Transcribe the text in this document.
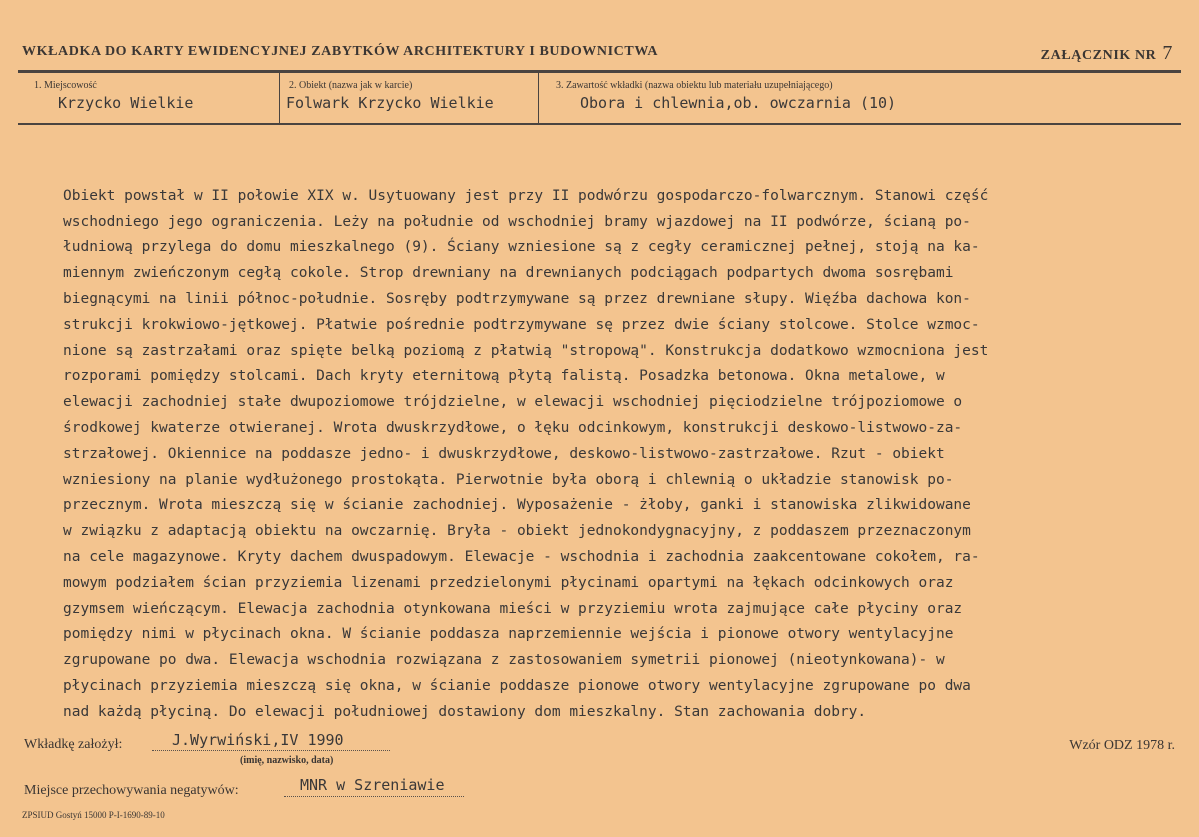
WKŁADKA DO KARTY EWIDENCYJNEJ ZABYTKÓW ARCHITEKTURY I BUDOWNICTWA	ZAŁĄCZNIK NR 7
1. Miejscowość
Krzycko Wielkie
2. Obiekt (nazwa jak w karcie)
Folwark Krzycko Wielkie
3. Zawartość wkładki (nazwa obiektu lub materiału uzupełniającego)
Obora i chlewnia,ob. owczarnia (10)

Obiekt powstał w II połowie XIX w. Usytuowany jest przy II podwórzu gospodarczo-folwarcznym. Stanowi część
wschodniego jego ograniczenia. Leży na południe od wschodniej bramy wjazdowej na II podwórze, ścianą po-
łudniową przylega do domu mieszkalnego (9). Ściany wzniesione są z cegły ceramicznej pełnej, stoją na ka-
miennym zwieńczonym cegłą cokole. Strop drewniany na drewnianych podciągach podpartych dwoma sosrębami
biegnącymi na linii północ-południe. Sosręby podtrzymywane są przez drewniane słupy. Więźba dachowa kon-
strukcji krokwiowo-jętkowej. Płatwie pośrednie podtrzymywane sę przez dwie ściany stolcowe. Stolce wzmoc-
nione są zastrzałami oraz spięte belką poziomą z płatwią "stropową". Konstrukcja dodatkowo wzmocniona jest
rozporami pomiędzy stolcami. Dach kryty eternitową płytą falistą. Posadzka betonowa. Okna metalowe, w
elewacji zachodniej stałe dwupoziomowe trójdzielne, w elewacji wschodniej pięciodzielne trójpoziomowe o
środkowej kwaterze otwieranej. Wrota dwuskrzydłowe, o łęku odcinkowym, konstrukcji deskowo-listwowo-za-
strzałowej. Okiennice na poddasze jedno- i dwuskrzydłowe, deskowo-listwowo-zastrzałowe. Rzut - obiekt
wzniesiony na planie wydłużonego prostokąta. Pierwotnie była oborą i chlewnią o układzie stanowisk po-
przecznym. Wrota mieszczą się w ścianie zachodniej. Wyposażenie - żłoby, ganki i stanowiska zlikwidowane
w związku z adaptacją obiektu na owczarnię. Bryła - obiekt jednokondygnacyjny, z poddaszem przeznaczonym
na cele magazynowe. Kryty dachem dwuspadowym. Elewacje - wschodnia i zachodnia zaakcentowane cokołem, ra-
mowym podziałem ścian przyziemia lizenami przedzielonymi płycinami opartymi na łękach odcinkowych oraz
gzymsem wieńczącym. Elewacja zachodnia otynkowana mieści w przyziemiu wrota zajmujące całe płyciny oraz
pomiędzy nimi w płycinach okna. W ścianie poddasza naprzemiennie wejścia i pionowe otwory wentylacyjne
zgrupowane po dwa. Elewacja wschodnia rozwiązana z zastosowaniem symetrii pionowej (nieotynkowana)- w
płycinach przyziemia mieszczą się okna, w ścianie poddasze pionowe otwory wentylacyjne zgrupowane po dwa
nad każdą płyciną. Do elewacji południowej dostawiony dom mieszkalny. Stan zachowania dobry.

Wkładkę założył:	J.Wyrwiński,IV 1990
(imię, nazwisko, data)
Wzór ODZ 1978 r.
Miejsce przechowywania negatywów:	MNR w Szreniawie
ZPSIUD Gostyń 15000 P-I-1690-89-10
